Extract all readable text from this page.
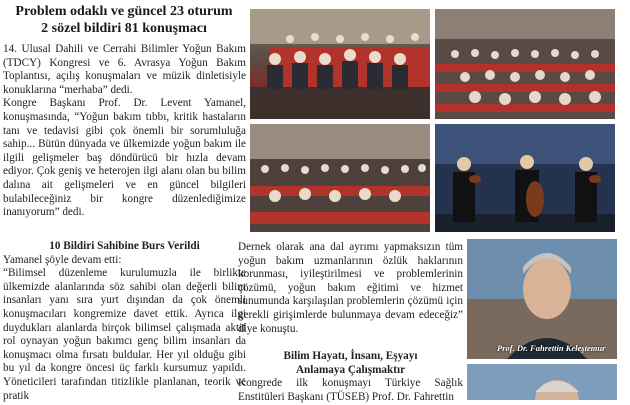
Problem odaklı ve güncel 23 oturum
2 sözel bildiri 81 konuşmacı

14. Ulusal Dahili ve Cerrahi Bilimler Yoğun Bakım (TDCY) Kongresi ve 6. Avrasya Yoğun Bakım Toplantısı, açılış konuşmaları ve müzik dinletisiyle konuklarına “merhaba” dedi.

Kongre Başkanı Prof. Dr. Levent Yamanel, konuşmasında, “Yoğun bakım tıbbı, kritik hastaların tanı ve tedavisi gibi çok önemli bir sorumluluğa sahip... Bütün dünyada ve ülkemizde yoğun bakım ile ilgili gelişmeler baş döndürücü bir hızla devam ediyor. Çok geniş ve heterojen ilgi alanı olan bu bilim dalına ait gelişmeleri ve en güncel bilgileri bulabileceğiniz bir kongre düzenlediğimize inanıyorum” dedi.

10 Bildiri Sahibine Burs Verildi

Yamanel şöyle devam etti:

“Bilimsel düzenleme kurulumuzla ile birlikte ülkemizde alanlarında söz sahibi olan değerli bilim insanları yanı sıra yurt dışından da çok önemli konuşmacıları kongremize davet ettik. Ayrıca ilgi duydukları alanlarda birçok bilimsel çalışmada aktif rol oynayan yoğun bakımcı genç bilim insanları da konuşmacı olma fırsatı buldular. Her yıl olduğu gibi bu yıl da kongre öncesi üç farklı kursumuz yapıldı. Yöneticileri tarafından titizlikle planlanan, teorik ve pratik

Dernek olarak ana dal ayrımı yapmaksızın tüm yoğun bakım uzmanlarının özlük haklarının korunması, iyileştirilmesi ve problemlerinin çözümü, yoğun bakım eğitimi ve hizmet sunumunda karşılaşılan problemlerin çözümü için gerekli girişimlerde bulunmaya devam edeceğiz” diye konuştu.

Bilim Hayatı, İnsanı, Eşyayı

Anlamaya Çalışmaktır

Kongrede ilk konuşmayı Türkiye Sağlık Enstitüleri Başkanı (TÜSEB) Prof. Dr. Fahrettin

Prof. Dr. Fahrettin Keleştemur
